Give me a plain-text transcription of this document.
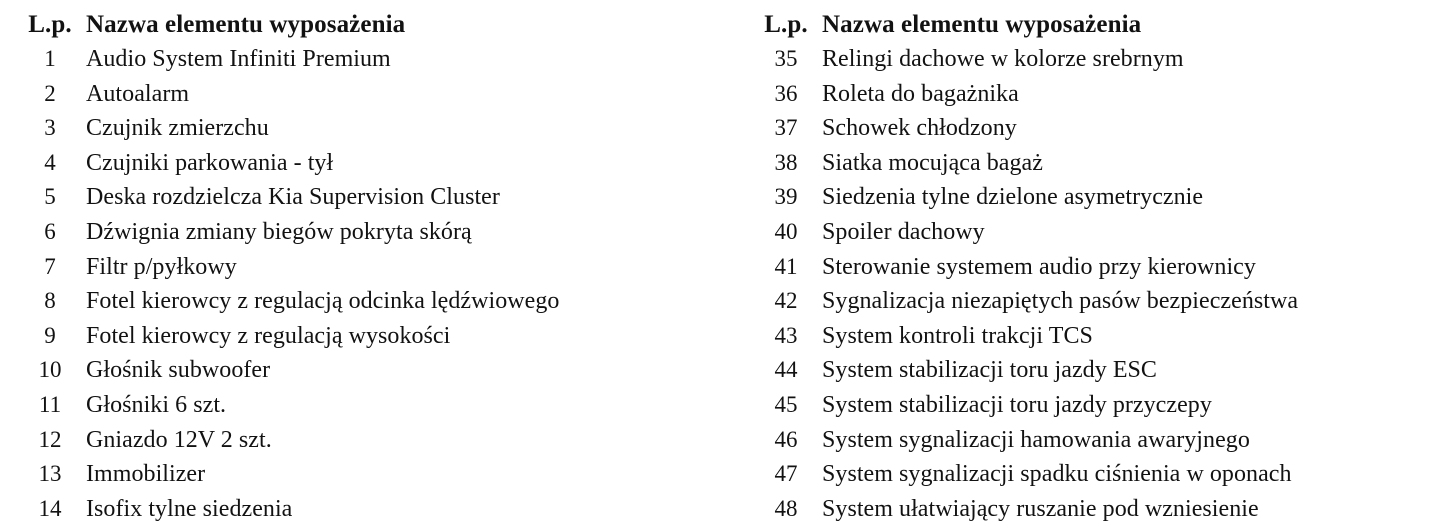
L.p.	Nazwa elementu wyposażenia
1	Audio System Infiniti Premium
2	Autoalarm
3	Czujnik zmierzchu
4	Czujniki parkowania - tył
5	Deska rozdzielcza Kia Supervision Cluster
6	Dźwignia zmiany biegów pokryta skórą
7	Filtr p/pyłkowy
8	Fotel kierowcy z regulacją odcinka lędźwiowego
9	Fotel kierowcy z regulacją wysokości
10	Głośnik subwoofer
11	Głośniki 6 szt.
12	Gniazdo 12V 2 szt.
13	Immobilizer
14	Isofix tylne siedzenia
L.p.	Nazwa elementu wyposażenia
35	Relingi dachowe w kolorze srebrnym
36	Roleta do bagażnika
37	Schowek chłodzony
38	Siatka mocująca bagaż
39	Siedzenia tylne dzielone asymetrycznie
40	Spoiler dachowy
41	Sterowanie systemem audio przy kierownicy
42	Sygnalizacja niezapiętych pasów bezpieczeństwa
43	System kontroli trakcji TCS
44	System stabilizacji toru jazdy ESC
45	System stabilizacji toru jazdy przyczepy
46	System sygnalizacji hamowania awaryjnego
47	System sygnalizacji spadku ciśnienia w oponach
48	System ułatwiający ruszanie pod wzniesienie
